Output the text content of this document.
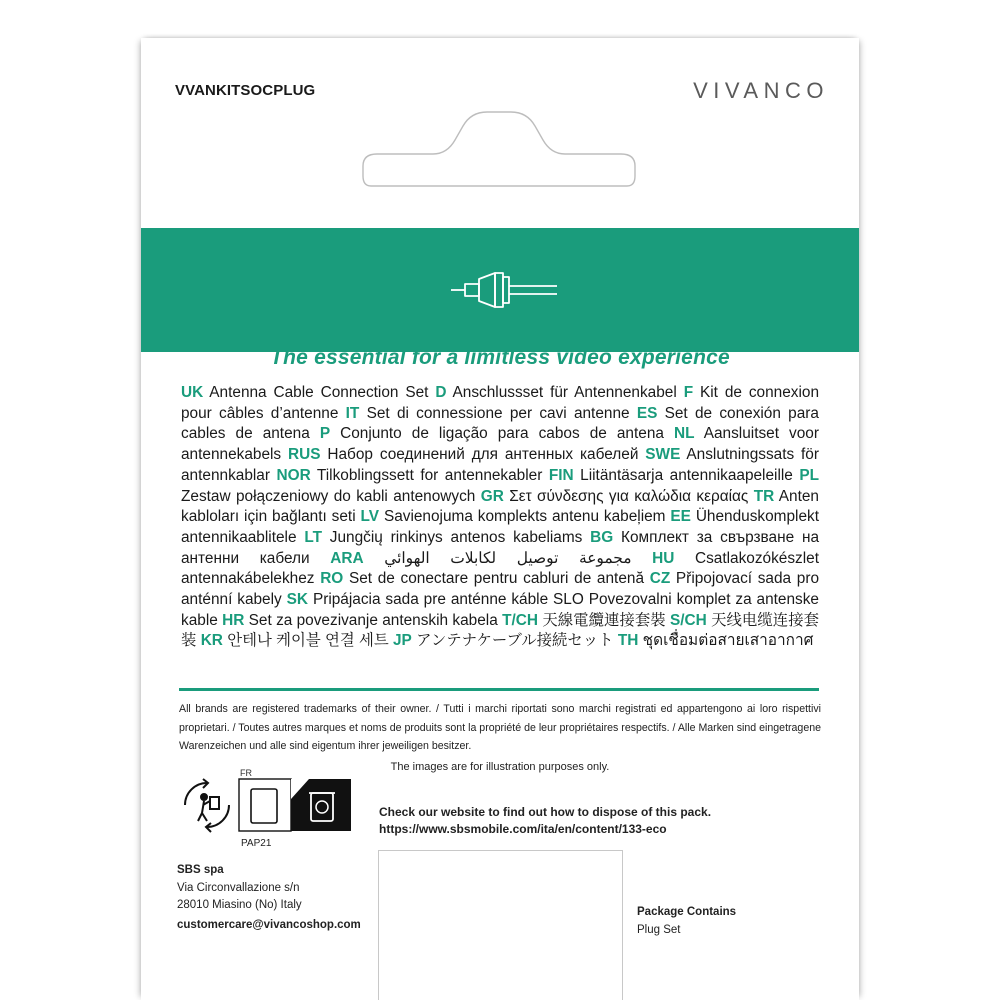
VVANKITSOCPLUG	VIVANCO
The essential for a limitless video experience
UK Antenna Cable Connection Set D Anschlussset für Antennenkabel F Kit de connexion pour câbles d’antenne IT Set di connessione per cavi antenne ES Set de conexión para cables de antena P Conjunto de ligação para cabos de antena NL Aansluitset voor antennekabels RUS Набор соединений для антенных кабелей SWE Anslutningssats för antennkablar NOR Tilkoblingssett for antennekabler FIN Liitäntäsarja antennikaapeleille PL Zestaw połączeniowy do kabli antenowych GR Σετ σύνδεσης για καλώδια κεραίας TR Anten kabloları için bağlantı seti LV Savienojuma komplekts antenu kabeļiem EE Ühenduskomplekt antennikaablitele LT Jungčių rinkinys antenos kabeliams BG Комплект за свързване на антенни кабели ARA مجموعة توصيل لكابلات الهوائي HU Csatlakozókészlet antennakábelekhez RO Set de conectare pentru cabluri de antenă CZ Připojovací sada pro anténní kabely SK Pripájacia sada pre anténne káble SLO Povezovalni komplet za antenske kable HR Set za povezivanje antenskih kabela T/CH 天線電纜連接套裝 S/CH 天线电缆连接套装 KR 안테나 케이블 연결 세트 JP アンテナケーブル接続セット TH ชุดเชื่อมต่อสายเสาอากาศ
All brands are registered trademarks of their owner. / Tutti i marchi riportati sono marchi registrati ed appartengono ai loro rispettivi proprietari. / Toutes autres marques et noms de produits sont la propriété de leur propriétaires respectifs. / Alle Marken sind eingetragene Warenzeichen und alle sind eigentum ihrer jeweiligen besitzer.
The images are for illustration purposes only.
FR
PAP21
Check our website to find out how to dispose of this pack.
https://www.sbsmobile.com/ita/en/content/133-eco
SBS spa
Via Circonvallazione s/n
28010 Miasino (No) Italy
customercare@vivancoshop.com
Package Contains
Plug Set
